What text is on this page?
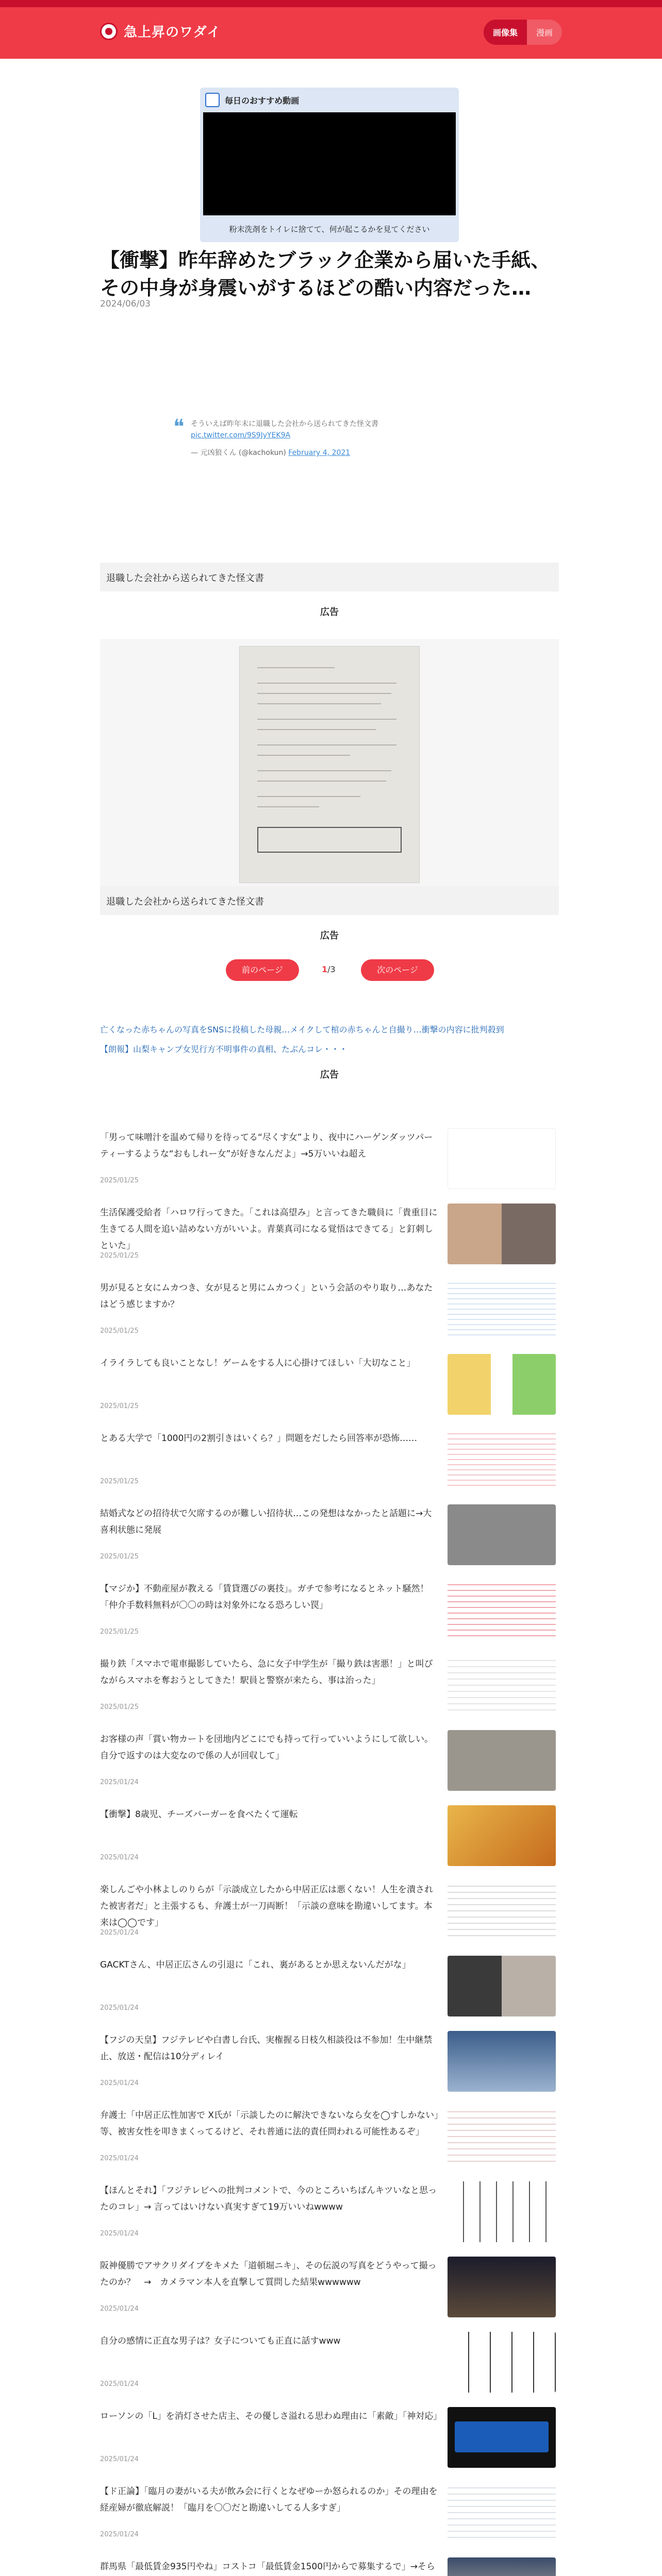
急上昇のワダイ	画像集	漫画
毎日のおすすめ動画
粉末洗剤をトイレに捨てて、何が起こるかを見てください
【衝撃】昨年辞めたブラック企業から届いた手紙、その中身が身震いがするほどの酷い内容だった…
2024/06/03
❝ そういえば昨年末に退職した会社から送られてきた怪文書
pic.twitter.com/9S9JyYEK9A
— 元凶狼くん (@kachokun) February 4, 2021
退職した会社から送られてきた怪文書
広告
退職した会社から送られてきた怪文書
広告
前のページ	1/3	次のページ
亡くなった赤ちゃんの写真をSNSに投稿した母親…メイクして棺の赤ちゃんと自撮り…衝撃の内容に批判殺到
【朗報】山梨キャンプ女児行方不明事件の真相、たぶんコレ・・・
広告
「男って味噌汁を温めて帰りを待ってる“尽くす女”より、夜中にハーゲンダッツパーティーするような“おもしれー女”が好きなんだよ」→5万いいね超え
2025/01/25
生活保護受給者「ハロワ行ってきた。「これは高望み」と言ってきた職員に「貴重目に生きてる人間を追い詰めない方がいいよ。青葉真司になる覚悟はできてる」と釘刺しといた」
2025/01/25
男が見ると女にムカつき、女が見ると男にムカつく」という会話のやり取り…あなたはどう感じますか？
2025/01/25
イライラしても良いことなし！ゲームをする人に心掛けてほしい「大切なこと」
2025/01/25
とある大学で「1000円の2割引きはいくら？」問題をだしたら回答率が恐怖……
2025/01/25
結婚式などの招待状で欠席するのが難しい招待状…この発想はなかったと話題に→大喜利状態に発展
2025/01/25
【マジか】不動産屋が教える「賃貸選びの裏技」。ガチで参考になるとネット騒然！「仲介手数料無料が〇〇の時は対象外になる恐ろしい罠」
2025/01/25
撮り鉄「スマホで電車撮影していたら、急に女子中学生が「撮り鉄は害悪！」と叫びながらスマホを奪おうとしてきた！駅員と警察が来たら、事は治った」
2025/01/25
お客様の声「賞い物カートを団地内どこにでも持って行っていいようにして欲しい。自分で返すのは大変なので係の人が回収して」
2025/01/24
【衝撃】8歳児、チーズバーガーを食べたくて運転
2025/01/24
楽しんごや小林よしのりらが「示談成立したから中居正広は悪くない！人生を潰された被害者だ」と主張するも、弁護士が一刀両断！「示談の意味を勘違いしてます。本来は◯◯です」
2025/01/24
GACKTさん、中居正広さんの引退に「これ、裏があるとか思えないんだがな」
2025/01/24
【フジの天皇】フジテレビや白書し台氏、実権握る日枝久相談役は不参加！生中継禁止、放送・配信は10分ディレイ
2025/01/24
弁護士「中居正広性加害で X氏が「示談したのに解決できないなら女を◯すしかない」等、被害女性を叩きまくってるけど、それ普通に法的責任問われる可能性あるぞ」
2025/01/24
【ほんとそれ】「フジテレビへの批判コメントで、今のところいちばんキツいなと思ったのコレ」→ 言ってはいけない真実すぎて19万いいねwwww
2025/01/24
阪神優勝でアサクリダイブをキメた「道頓堀ニキ」、その伝説の写真をどうやって撮ったのか？　→　カメラマン本人を直撃して質問した結果wwwwww
2025/01/24
自分の感情に正直な男子は？女子についても正直に話すwww
2025/01/24
ローソンの「L」を消灯させた店主、その優しさ溢れる思わぬ理由に「素敵」「神対応」
2025/01/24
【ド正論】「臨月の妻がいる夫が飲み会に行くとなぜゆーか怒られるのか」その理由を経産婦が徹底解説！「臨月を〇〇だと勘違いしてる人多すぎ」
2025/01/24
群馬県「最低賃金935円やね」コストコ「最低賃金1500円からで募集するで」→そら
